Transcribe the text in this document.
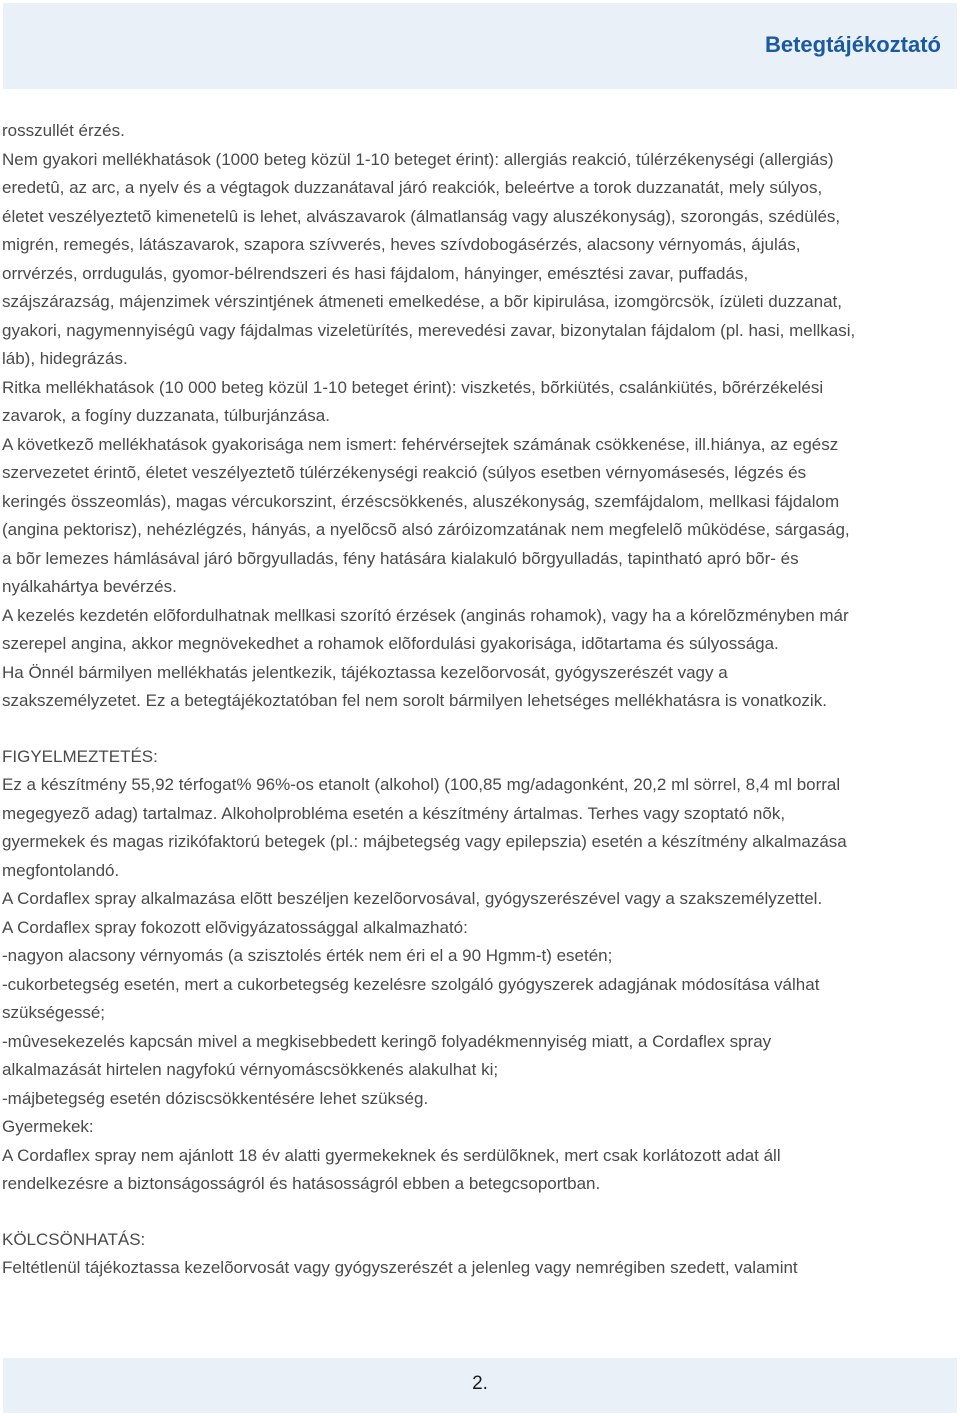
Betegtájékoztató

rosszullét érzés.

Nem gyakori mellékhatások (1000 beteg közül 1-10 beteget érint): allergiás reakció, túlérzékenységi (allergiás)

eredetû, az arc, a nyelv és a végtagok duzzanátaval járó reakciók, beleértve a torok duzzanatát, mely súlyos,

életet veszélyeztetõ kimenetelû is lehet, alvászavarok (álmatlanság vagy aluszékonyság), szorongás, szédülés,

migrén, remegés, látászavarok, szapora szívverés, heves szívdobogásérzés, alacsony vérnyomás, ájulás,

orrvérzés, orrdugulás, gyomor-bélrendszeri és hasi fájdalom, hányinger, emésztési zavar, puffadás,

szájszárazság, májenzimek vérszintjének átmeneti emelkedése, a bõr kipirulása, izomgörcsök, ízületi duzzanat,

gyakori, nagymennyiségû vagy fájdalmas vizeletürítés, merevedési zavar, bizonytalan fájdalom (pl. hasi, mellkasi,

láb), hidegrázás.

Ritka mellékhatások (10 000 beteg közül 1-10 beteget érint): viszketés, bõrkiütés, csalánkiütés, bõrérzékelési

zavarok, a fogíny duzzanata, túlburjánzása.

A következõ mellékhatások gyakorisága nem ismert: fehérvérsejtek számának csökkenése, ill.hiánya, az egész

szervezetet érintõ, életet veszélyeztetõ túlérzékenységi reakció (súlyos esetben vérnyomásesés, légzés és

keringés összeomlás), magas vércukorszint, érzéscsökkenés, aluszékonyság, szemfájdalom, mellkasi fájdalom

(angina pektorisz), nehézlégzés, hányás, a nyelõcsõ alsó záróizomzatának nem megfelelõ mûködése, sárgaság,

a bõr lemezes hámlásával járó bõrgyulladás, fény hatására kialakuló bõrgyulladás, tapintható apró bõr- és

nyálkahártya bevérzés.

A kezelés kezdetén elõfordulhatnak mellkasi szorító érzések (anginás rohamok), vagy ha a kórelõzményben már

szerepel angina, akkor megnövekedhet a rohamok elõfordulási gyakorisága, idõtartama és súlyossága.

Ha Önnél bármilyen mellékhatás jelentkezik, tájékoztassa kezelõorvosát, gyógyszerészét vagy a

szakszemélyzetet. Ez a betegtájékoztatóban fel nem sorolt bármilyen lehetséges mellékhatásra is vonatkozik.

FIGYELMEZTETÉS:

Ez a készítmény 55,92 térfogat% 96%-os etanolt (alkohol) (100,85 mg/adagonként, 20,2 ml sörrel, 8,4 ml borral

megegyezõ adag) tartalmaz. Alkoholprobléma esetén a készítmény ártalmas. Terhes vagy szoptató nõk,

gyermekek és magas rizikófaktorú betegek (pl.: májbetegség vagy epilepszia) esetén a készítmény alkalmazása

megfontolandó.

A Cordaflex spray alkalmazása elõtt beszéljen kezelõorvosával, gyógyszerészével vagy a szakszemélyzettel.

A Cordaflex spray fokozott elõvigyázatossággal alkalmazható:

-nagyon alacsony vérnyomás (a szisztolés érték nem éri el a 90 Hgmm-t) esetén;

-cukorbetegség esetén, mert a cukorbetegség kezelésre szolgáló gyógyszerek adagjának módosítása válhat

szükségessé;

-mûvesekezelés kapcsán mivel a megkisebbedett keringõ folyadékmennyiség miatt, a Cordaflex spray

alkalmazását hirtelen nagyfokú vérnyomáscsökkenés alakulhat ki;

-májbetegség esetén dóziscsökkentésére lehet szükség.

Gyermekek:

A Cordaflex spray nem ajánlott 18 év alatti gyermekeknek és serdülõknek, mert csak korlátozott adat áll

rendelkezésre a biztonságosságról és hatásosságról ebben a betegcsoportban.

KÖLCSÖNHATÁS:

Feltétlenül tájékoztassa kezelõorvosát vagy gyógyszerészét a jelenleg vagy nemrégiben szedett, valamint

2.
